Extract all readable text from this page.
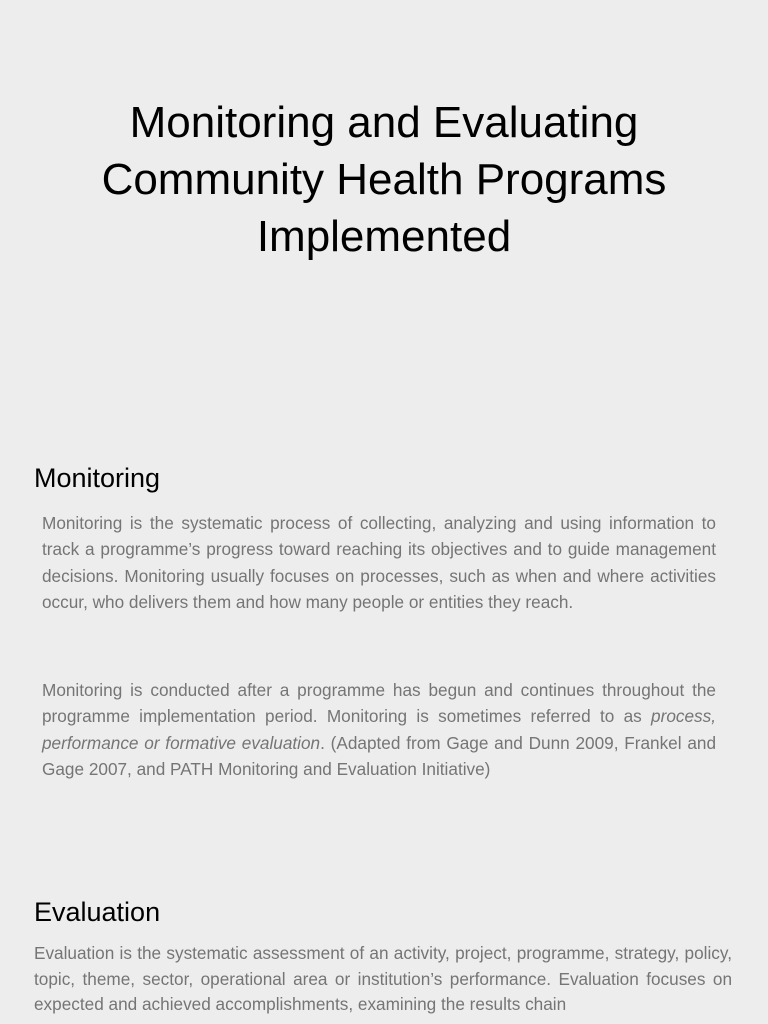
Monitoring and Evaluating
Community Health Programs
Implemented
Monitoring

Monitoring is the systematic process of collecting, analyzing and using information to track a programme’s progress toward reaching its objectives and to guide management decisions. Monitoring usually focuses on processes, such as when and where activities occur, who delivers them and how many people or entities they reach.

Monitoring is conducted after a programme has begun and continues throughout the programme implementation period. Monitoring is sometimes referred to as process, performance or formative evaluation. (Adapted from Gage and Dunn 2009, Frankel and Gage 2007, and PATH Monitoring and Evaluation Initiative)

Evaluation

Evaluation is the systematic assessment of an activity, project, programme, strategy, policy, topic, theme, sector, operational area or institution’s performance. Evaluation focuses on expected and achieved accomplishments, examining the results chain
